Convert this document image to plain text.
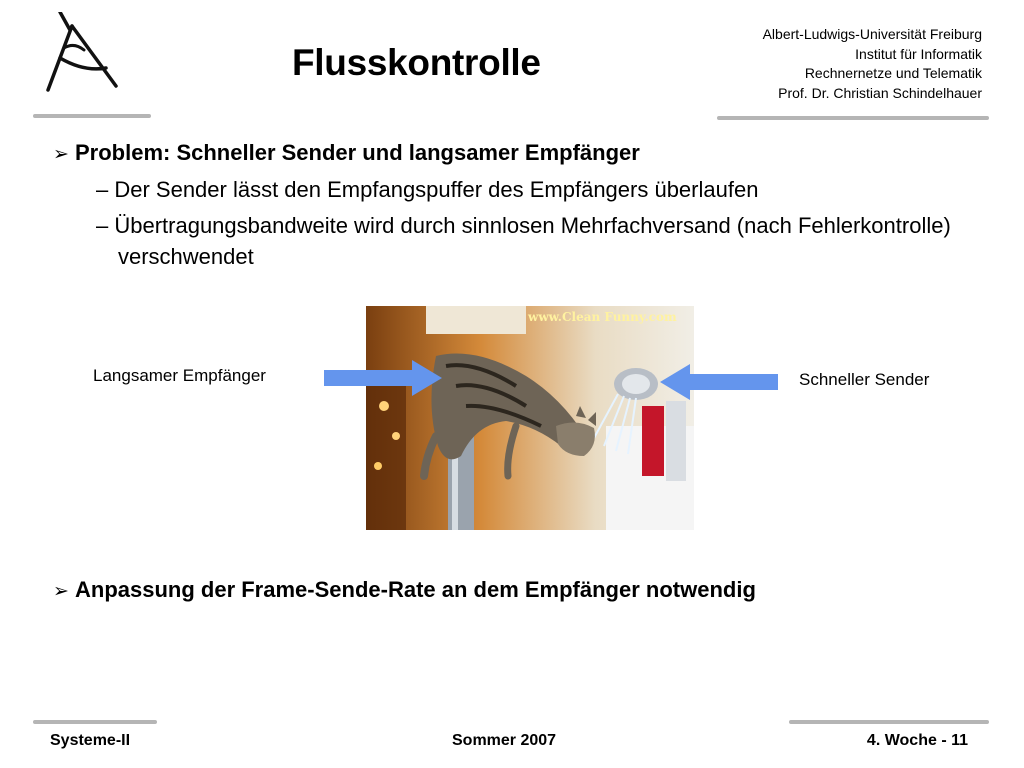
Flusskontrolle
Albert-Ludwigs-Universität Freiburg
Institut für Informatik
Rechnernetze und Telematik
Prof. Dr. Christian Schindelhauer
➢ Problem: Schneller Sender und langsamer Empfänger
– Der Sender lässt den Empfangspuffer des Empfängers überlaufen
– Übertragungsbandweite wird durch sinnlosen Mehrfachversand (nach Fehlerkontrolle) verschwendet
www.Clean Funny.com
Langsamer Empfänger	Schneller Sender
➢ Anpassung der Frame-Sende-Rate an dem Empfänger notwendig
Systeme-II	Sommer 2007	4. Woche - 11
